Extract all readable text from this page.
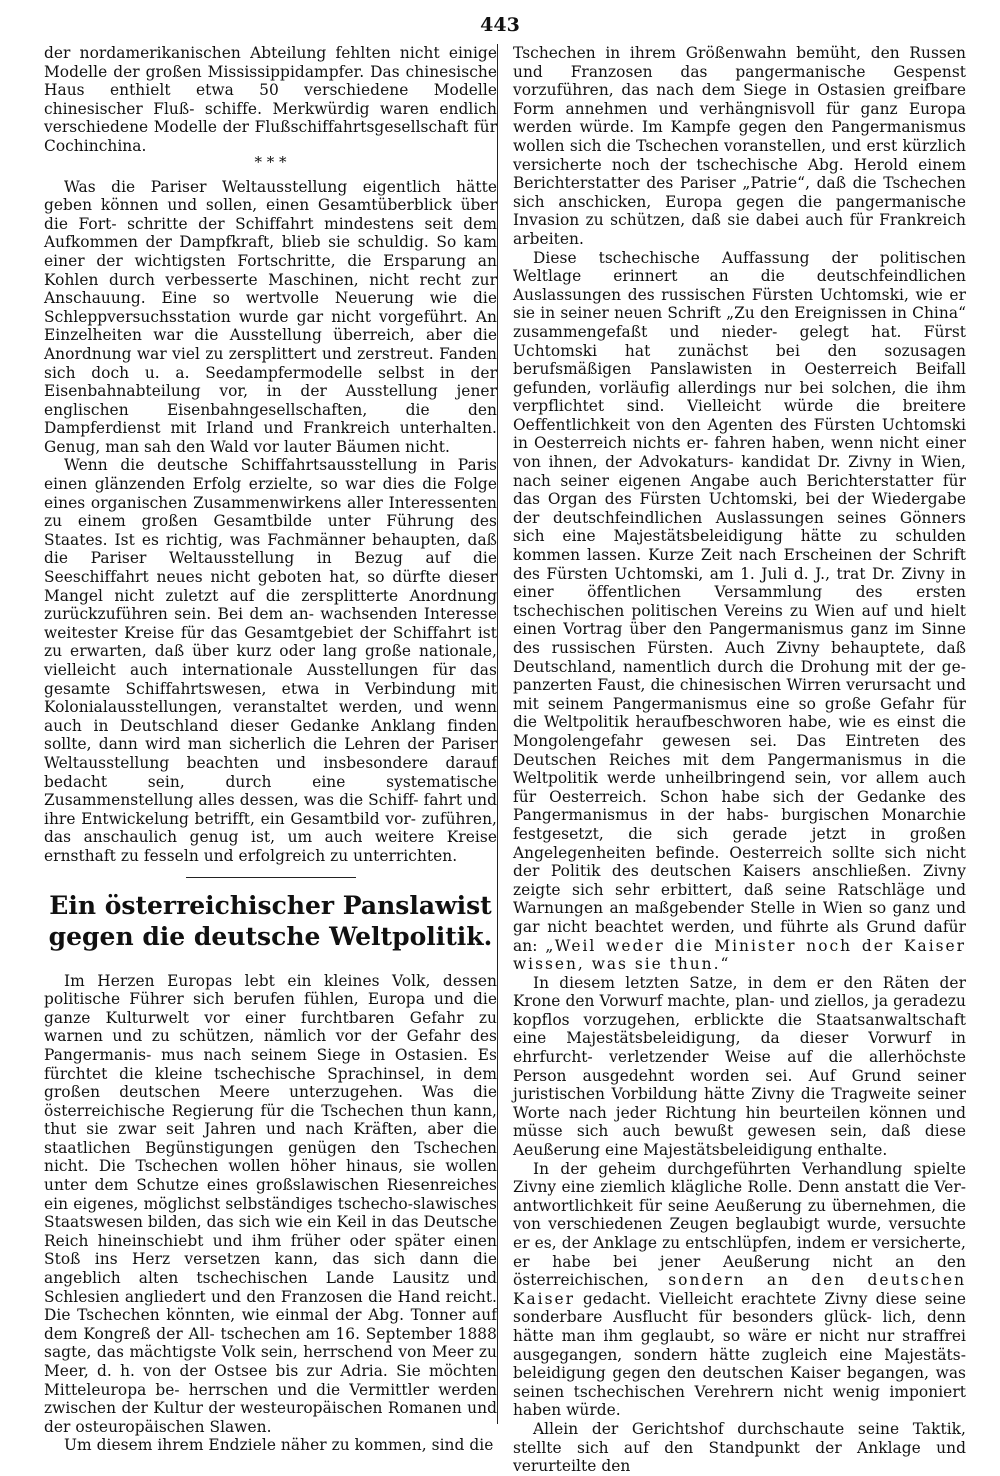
443

der nordamerikanischen Abteilung fehlten nicht einige Modelle der großen Mississippidampfer. Das chinesische Haus enthielt etwa 50 verschiedene Modelle chinesischer Fluß- schiffe. Merkwürdig waren endlich verschiedene Modelle der Flußschiffahrtsgesellschaft für Cochinchina.

* * *

Was die Pariser Weltausstellung eigentlich hätte geben können und sollen, einen Gesamtüberblick über die Fort- schritte der Schiffahrt mindestens seit dem Aufkommen der Dampfkraft, blieb sie schuldig. So kam einer der wichtigsten Fortschritte, die Ersparung an Kohlen durch verbesserte Maschinen, nicht recht zur Anschauung. Eine so wertvolle Neuerung wie die Schleppversuchsstation wurde gar nicht vorgeführt. An Einzelheiten war die Ausstellung überreich, aber die Anordnung war viel zu zersplittert und zerstreut. Fanden sich doch u. a. Seedampfermodelle selbst in der Eisenbahnabteilung vor, in der Ausstellung jener englischen Eisenbahngesellschaften, die den Dampferdienst mit Irland und Frankreich unterhalten. Genug, man sah den Wald vor lauter Bäumen nicht.

Wenn die deutsche Schiffahrtsausstellung in Paris einen glänzenden Erfolg erzielte, so war dies die Folge eines organischen Zusammenwirkens aller Interessenten zu einem großen Gesamtbilde unter Führung des Staates. Ist es richtig, was Fachmänner behaupten, daß die Pariser Weltausstellung in Bezug auf die Seeschiffahrt neues nicht geboten hat, so dürfte dieser Mangel nicht zuletzt auf die zersplitterte Anordnung zurückzuführen sein. Bei dem an- wachsenden Interesse weitester Kreise für das Gesamtgebiet der Schiffahrt ist zu erwarten, daß über kurz oder lang große nationale, vielleicht auch internationale Ausstellungen für das gesamte Schiffahrtswesen, etwa in Verbindung mit Kolonialausstellungen, veranstaltet werden, und wenn auch in Deutschland dieser Gedanke Anklang finden sollte, dann wird man sicherlich die Lehren der Pariser Weltausstellung beachten und insbesondere darauf bedacht sein, durch eine systematische Zusammenstellung alles dessen, was die Schiff- fahrt und ihre Entwickelung betrifft, ein Gesamtbild vor- zuführen, das anschaulich genug ist, um auch weitere Kreise ernsthaft zu fesseln und erfolgreich zu unterrichten.

Ein österreichischer Panslawist gegen die deutsche Weltpolitik.

Im Herzen Europas lebt ein kleines Volk, dessen politische Führer sich berufen fühlen, Europa und die ganze Kulturwelt vor einer furchtbaren Gefahr zu warnen und zu schützen, nämlich vor der Gefahr des Pangermanis- mus nach seinem Siege in Ostasien. Es fürchtet die kleine tschechische Sprachinsel, in dem großen deutschen Meere unterzugehen. Was die österreichische Regierung für die Tschechen thun kann, thut sie zwar seit Jahren und nach Kräften, aber die staatlichen Begünstigungen genügen den Tschechen nicht. Die Tschechen wollen höher hinaus, sie wollen unter dem Schutze eines großslawischen Riesenreiches ein eigenes, möglichst selbständiges tschecho-slawisches Staatswesen bilden, das sich wie ein Keil in das Deutsche Reich hineinschiebt und ihm früher oder später einen Stoß ins Herz versetzen kann, das sich dann die angeblich alten tschechischen Lande Lausitz und Schlesien angliedert und den Franzosen die Hand reicht. Die Tschechen könnten, wie einmal der Abg. Tonner auf dem Kongreß der All- tschechen am 16. September 1888 sagte, das mächtigste Volk sein, herrschend von Meer zu Meer, d. h. von der Ostsee bis zur Adria. Sie möchten Mitteleuropa be- herrschen und die Vermittler werden zwischen der Kultur der westeuropäischen Romanen und der osteuropäischen Slawen.

Um diesem ihrem Endziele näher zu kommen, sind die

Tschechen in ihrem Größenwahn bemüht, den Russen und Franzosen das pangermanische Gespenst vorzuführen, das nach dem Siege in Ostasien greifbare Form annehmen und verhängnisvoll für ganz Europa werden würde. Im Kampfe gegen den Pangermanismus wollen sich die Tschechen voranstellen, und erst kürzlich versicherte noch der tschechische Abg. Herold einem Berichterstatter des Pariser „Patrie“, daß die Tschechen sich anschicken, Europa gegen die pangermanische Invasion zu schützen, daß sie dabei auch für Frankreich arbeiten.

Diese tschechische Auffassung der politischen Weltlage erinnert an die deutschfeindlichen Auslassungen des russischen Fürsten Uchtomski, wie er sie in seiner neuen Schrift „Zu den Ereignissen in China“ zusammengefaßt und nieder- gelegt hat. Fürst Uchtomski hat zunächst bei den sozusagen berufsmäßigen Panslawisten in Oesterreich Beifall gefunden, vorläufig allerdings nur bei solchen, die ihm verpflichtet sind. Vielleicht würde die breitere Oeffentlichkeit von den Agenten des Fürsten Uchtomski in Oesterreich nichts er- fahren haben, wenn nicht einer von ihnen, der Advokaturs- kandidat Dr. Zivny in Wien, nach seiner eigenen Angabe auch Berichterstatter für das Organ des Fürsten Uchtomski, bei der Wiedergabe der deutschfeindlichen Auslassungen seines Gönners sich eine Majestätsbeleidigung hätte zu schulden kommen lassen. Kurze Zeit nach Erscheinen der Schrift des Fürsten Uchtomski, am 1. Juli d. J., trat Dr. Zivny in einer öffentlichen Versammlung des ersten tschechischen politischen Vereins zu Wien auf und hielt einen Vortrag über den Pangermanismus ganz im Sinne des russischen Fürsten. Auch Zivny behauptete, daß Deutschland, namentlich durch die Drohung mit der ge- panzerten Faust, die chinesischen Wirren verursacht und mit seinem Pangermanismus eine so große Gefahr für die Weltpolitik heraufbeschworen habe, wie es einst die Mongolengefahr gewesen sei. Das Eintreten des Deutschen Reiches mit dem Pangermanismus in die Weltpolitik werde unheilbringend sein, vor allem auch für Oesterreich. Schon habe sich der Gedanke des Pangermanismus in der habs- burgischen Monarchie festgesetzt, die sich gerade jetzt in großen Angelegenheiten befinde. Oesterreich sollte sich nicht der Politik des deutschen Kaisers anschließen. Zivny zeigte sich sehr erbittert, daß seine Ratschläge und Warnungen an maßgebender Stelle in Wien so ganz und gar nicht beachtet werden, und führte als Grund dafür an: „Weil weder die Minister noch der Kaiser wissen, was sie thun.“

In diesem letzten Satze, in dem er den Räten der Krone den Vorwurf machte, plan- und ziellos, ja geradezu kopflos vorzugehen, erblickte die Staatsanwaltschaft eine Majestätsbeleidigung, da dieser Vorwurf in ehrfurcht- verletzender Weise auf die allerhöchste Person ausgedehnt worden sei. Auf Grund seiner juristischen Vorbildung hätte Zivny die Tragweite seiner Worte nach jeder Richtung hin beurteilen können und müsse sich auch bewußt gewesen sein, daß diese Aeußerung eine Majestätsbeleidigung enthalte.

In der geheim durchgeführten Verhandlung spielte Zivny eine ziemlich klägliche Rolle. Denn anstatt die Ver- antwortlichkeit für seine Aeußerung zu übernehmen, die von verschiedenen Zeugen beglaubigt wurde, versuchte er es, der Anklage zu entschlüpfen, indem er versicherte, er habe bei jener Aeußerung nicht an den österreichischen, sondern an den deutschen Kaiser gedacht. Vielleicht erachtete Zivny diese seine sonderbare Ausflucht für besonders glück- lich, denn hätte man ihm geglaubt, so wäre er nicht nur straffrei ausgegangen, sondern hätte zugleich eine Majestäts- beleidigung gegen den deutschen Kaiser begangen, was seinen tschechischen Verehrern nicht wenig imponiert haben würde.

Allein der Gerichtshof durchschaute seine Taktik, stellte sich auf den Standpunkt der Anklage und verurteilte den
